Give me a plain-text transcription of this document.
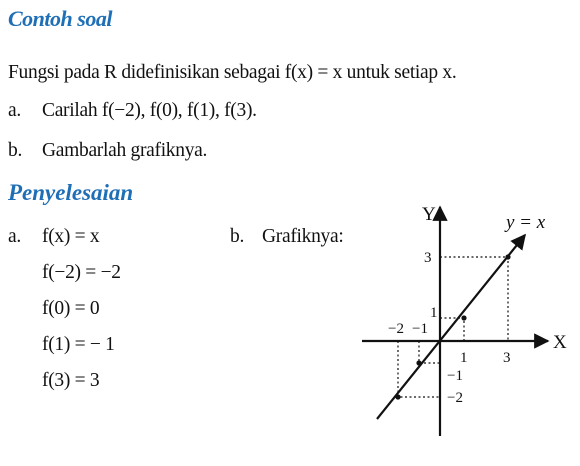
Contoh soal
Fungsi pada R didefinisikan sebagai f(x) = x untuk setiap x.
a. Carilah f(−2), f(0), f(1), f(3).
b. Gambarlah grafiknya.
Penyelesaian
a. f(x) = x
f(−2) = −2
f(0) = 0
f(1) = − 1
f(3) = 3
b. Grafiknya:
Y
X
y = x
3
1
−2 −1
1 3
−1
−2
